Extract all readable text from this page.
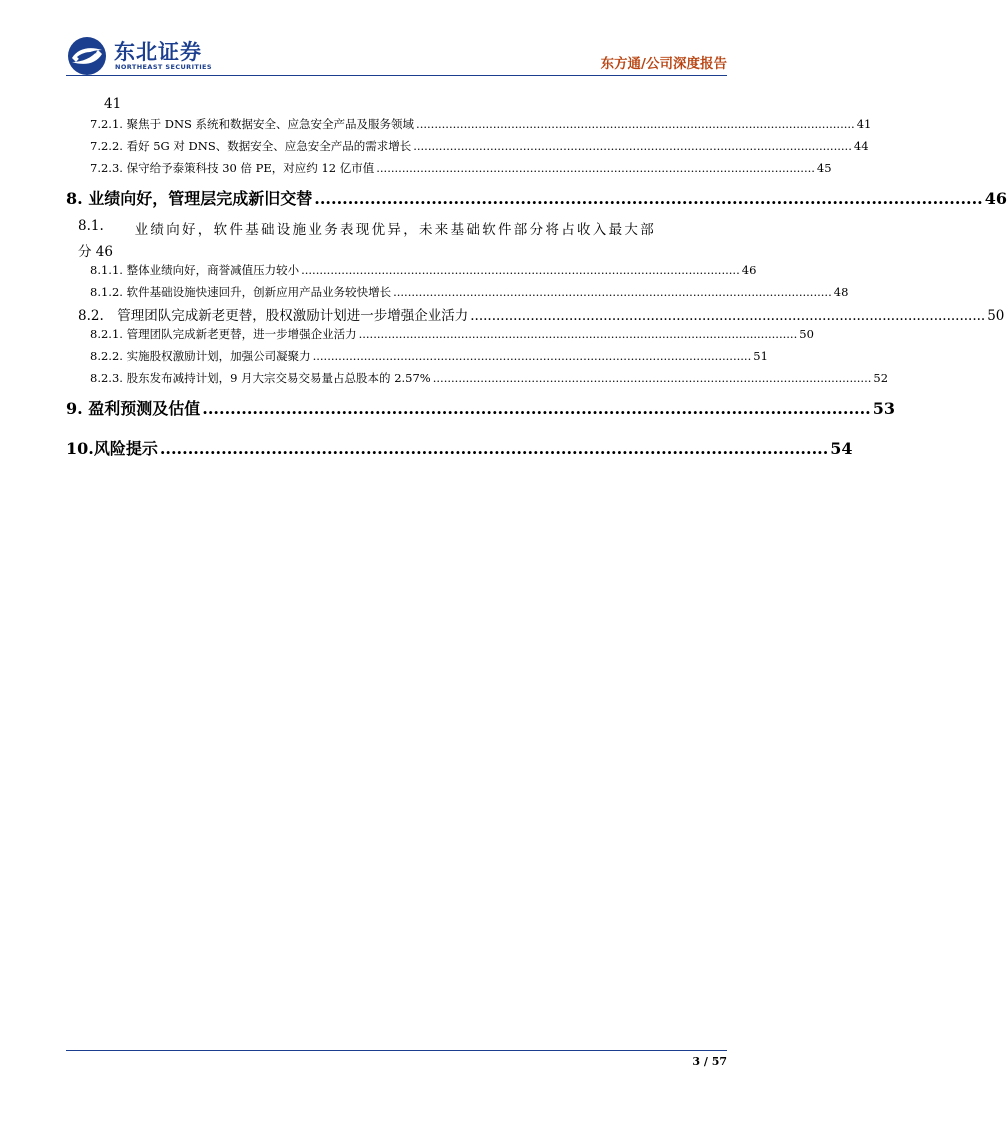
东北证券
NORTHEAST SECURITIES	东方通/公司深度报告
41
7.2.1. 聚焦于 DNS 系统和数据安全、应急安全产品及服务领域 ........................................................................................................................ 41
7.2.2. 看好 5G 对 DNS、数据安全、应急安全产品的需求增长 ........................................................................................................................ 44
7.2.3. 保守给予泰策科技 30 倍 PE，对应约 12 亿市值 ........................................................................................................................ 45
8. 业绩向好，管理层完成新旧交替 ........................................................................................................................ 46
8.1. 业绩向好，软件基础设施业务表现优异，未来基础软件部分将占收入最大部
分 46
8.1.1. 整体业绩向好，商誉减值压力较小 ........................................................................................................................ 46
8.1.2. 软件基础设施快速回升，创新应用产品业务较快增长 ........................................................................................................................ 48
8.2.　管理团队完成新老更替，股权激励计划进一步增强企业活力 ........................................................................................................................ 50
8.2.1. 管理团队完成新老更替，进一步增强企业活力 ........................................................................................................................ 50
8.2.2. 实施股权激励计划，加强公司凝聚力 ........................................................................................................................ 51
8.2.3. 股东发布减持计划，9 月大宗交易交易量占总股本的 2.57% ........................................................................................................................ 52
9. 盈利预测及估值 ........................................................................................................................ 53
10.风险提示 ........................................................................................................................ 54
3 / 57
